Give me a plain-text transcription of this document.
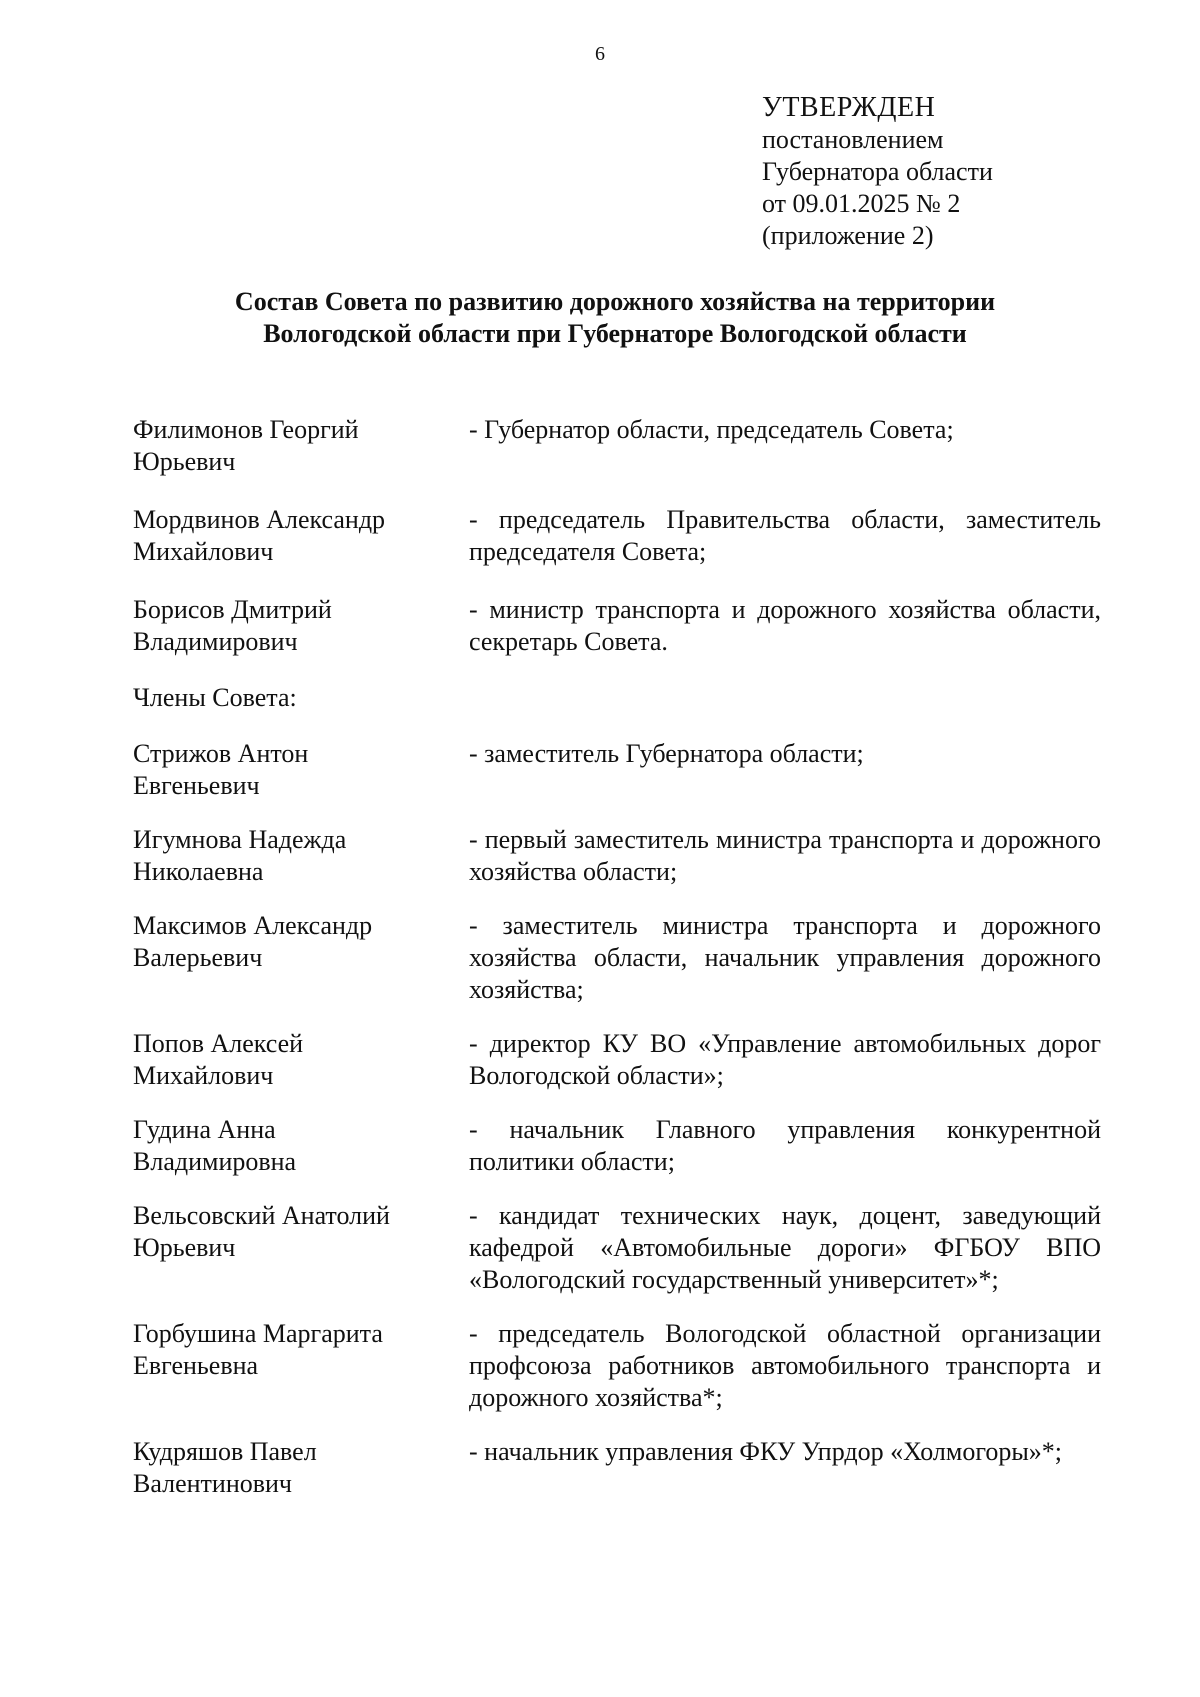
6
УТВЕРЖДЕН
постановлением
Губернатора области
от 09.01.2025 № 2
(приложение 2)
Состав Совета по развитию дорожного хозяйства на территории
Вологодской области при Губернаторе Вологодской области
Филимонов Георгий
Юрьевич
- Губернатор области, председатель Совета;
Мордвинов Александр
Михайлович
- председатель Правительства области, заместитель председателя Совета;
Борисов Дмитрий
Владимирович
- министр транспорта и дорожного хозяйства области, секретарь Совета.
Члены Совета:
Стрижов Антон
Евгеньевич
- заместитель Губернатора области;
Игумнова Надежда
Николаевна
- первый заместитель министра транспорта и дорожного хозяйства области;
Максимов Александр
Валерьевич
- заместитель министра транспорта и дорожного хозяйства области, начальник управления дорожного хозяйства;
Попов Алексей
Михайлович
- директор КУ ВО «Управление автомобильных дорог Вологодской области»;
Гудина Анна
Владимировна
- начальник Главного управления конкурентной политики области;
Вельсовский Анатолий
Юрьевич
- кандидат технических наук, доцент, заведующий кафедрой «Автомобильные дороги» ФГБОУ ВПО «Вологодский государственный университет»*;
Горбушина Маргарита
Евгеньевна
- председатель Вологодской областной организации профсоюза работников автомобильного транспорта и дорожного хозяйства*;
Кудряшов Павел
Валентинович
- начальник управления ФКУ Упрдор «Холмогоры»*;
